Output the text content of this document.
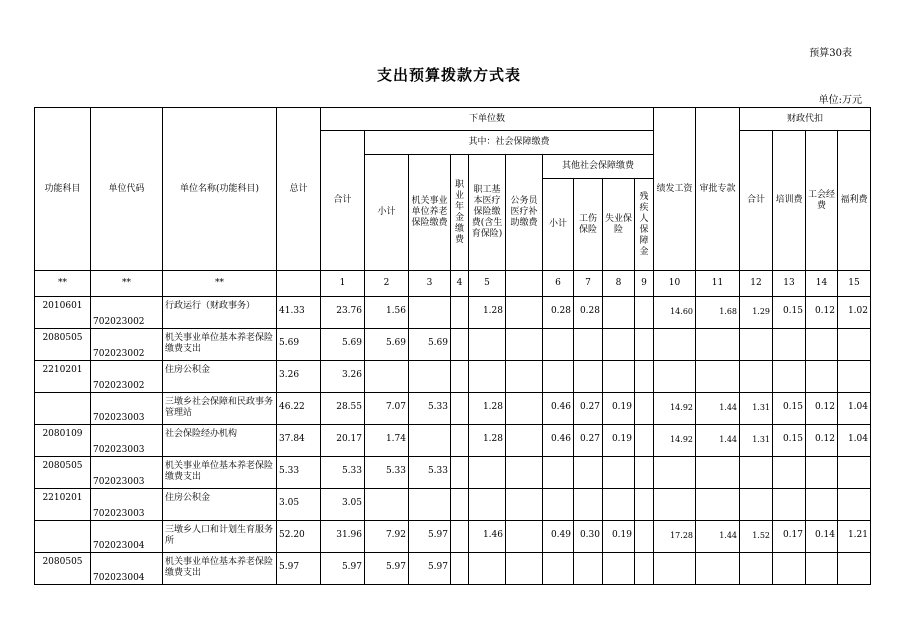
预算30表
支出预算拨款方式表
单位:万元
功能科目	单位代码	单位名称(功能科目)	总计	下单位数										绩发工资	审批专款	财政代扣			
				合计	其中：社会保障缴费											合计	培训费	工会经费	福利费
					小计	机关事业单位养老保险缴费	职业年金缴费	职工基本医疗保险缴费(含生育保险)	公务员医疗补助缴费	其他社会保障缴费									
										小计	工伤保险	失业保险	残疾人保障金						
**	**	**		1	2	3	4	5		6	7	8	9	10	11	12	13	14	15
2010601	702023002	行政运行（财政事务）	41.33	23.76	1.56			1.28		0.28	0.28			14.60	1.68	1.29	0.15	0.12	1.02
2080505	702023002	机关事业单位基本养老保险缴费支出	5.69	5.69	5.69	5.69													
2210201	702023002	住房公积金	3.26	3.26															
	702023003	三墩乡社会保障和民政事务管理站	46.22	28.55	7.07	5.33		1.28		0.46	0.27	0.19		14.92	1.44	1.31	0.15	0.12	1.04
2080109	702023003	社会保险经办机构	37.84	20.17	1.74			1.28		0.46	0.27	0.19		14.92	1.44	1.31	0.15	0.12	1.04
2080505	702023003	机关事业单位基本养老保险缴费支出	5.33	5.33	5.33	5.33													
2210201	702023003	住房公积金	3.05	3.05															
	702023004	三墩乡人口和计划生育服务所	52.20	31.96	7.92	5.97		1.46		0.49	0.30	0.19		17.28	1.44	1.52	0.17	0.14	1.21
2080505	702023004	机关事业单位基本养老保险缴费支出	5.97	5.97	5.97	5.97													
